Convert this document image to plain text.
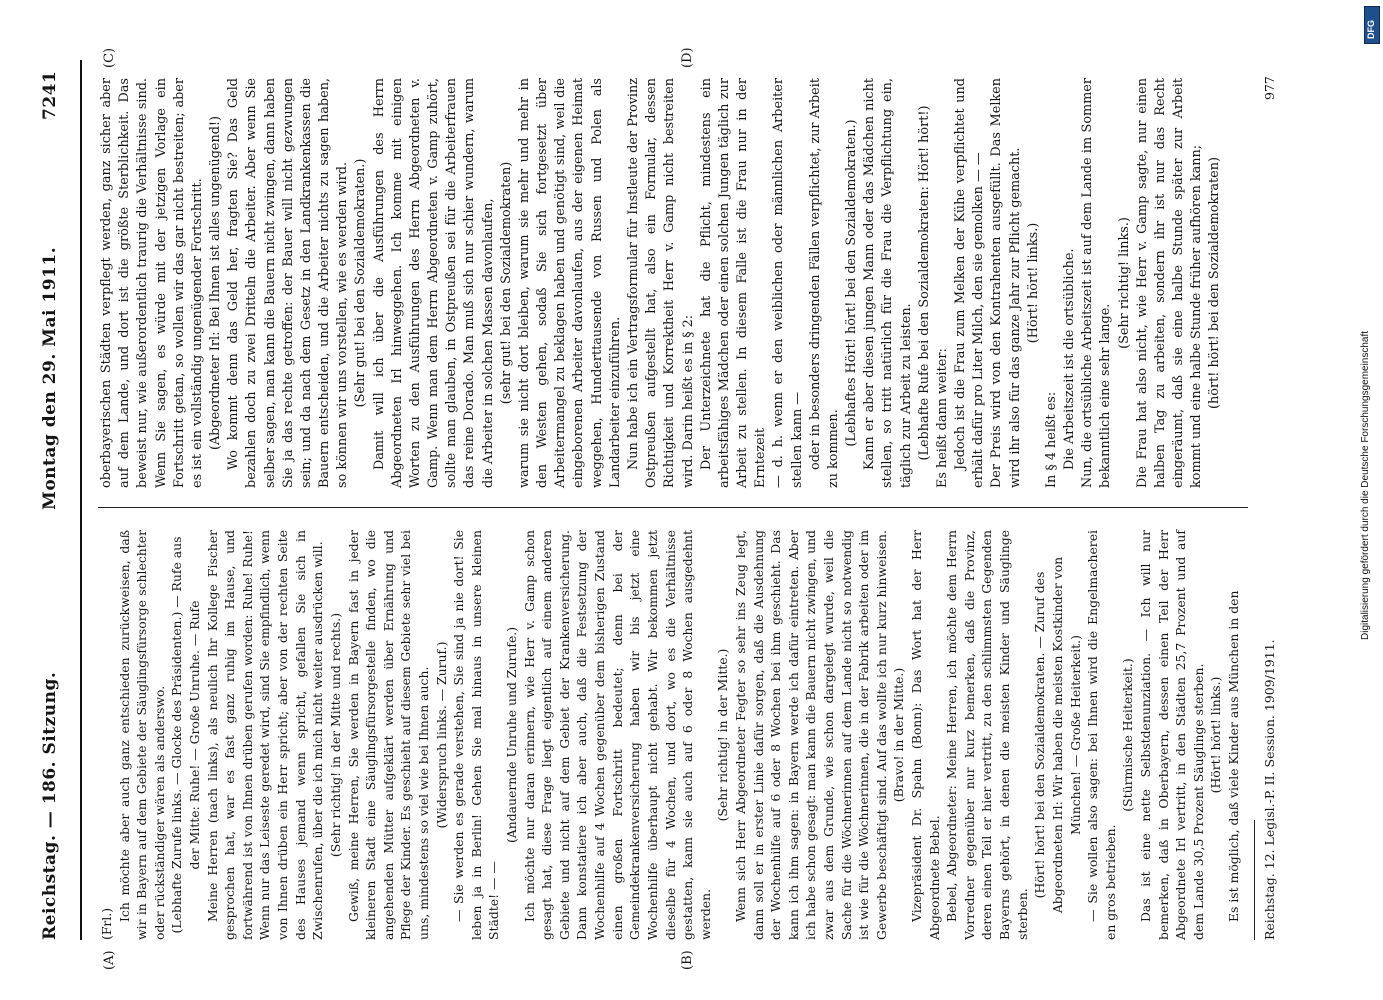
Reichstag. — 186. Sitzung.
Montag den 29. Mai 1911.
7241
(A)	(B)
(C)	(D)

(Frl.)

Ich möchte aber auch ganz entschieden zurückweisen, daß wir in Bayern auf dem Gebiete der Säuglingsfürsorge schlechter oder rückständiger wären als anderswo. (Lebhafte Zurufe links. — Glocke des Präsidenten.) — Rufe aus der Mitte: Ruhe! — Große Unruhe. — Rufe Meine Herren (nach links), als neulich Ihr Kollege Fischer gesprochen hat, war es fast ganz ruhig im Hause, und fortwährend ist von Ihnen drüben gerufen worden: Ruhe! Ruhe! Wenn nur das Leiseste geredet wird, sind Sie empfindlich, wenn von Ihnen drüben ein Herr spricht; aber von der rechten Seite des Hauses jemand wenn spricht, gefallen Sie sich in Zwischenrufen, über die ich mich nicht weiter ausdrücken will. (Sehr richtig! in der Mitte und rechts.) Gewiß, meine Herren, Sie werden in Bayern fast in jeder kleineren Stadt eine Säuglingsfürsorgestelle finden, wo die angehenden Mütter aufgeklärt werden über Ernährung und Pflege der Kinder. Es geschieht auf diesem Gebiete sehr viel bei uns, mindestens so viel wie bei Ihnen auch. (Widerspruch links. — Zuruf.) — Sie werden es gerade verstehen, Sie sind ja nie dort! Sie leben ja in Berlin! Gehen Sie mal hinaus in unsere kleinen Städte! — —

(Andauernde Unruhe und Zurufe.) Ich möchte nur daran erinnern, wie Herr v. Gamp schon gesagt hat, diese Frage liegt eigentlich auf einem anderen Gebiete und nicht auf dem Gebiet der Krankenversicherung. Dann konstatiere ich aber auch, daß die Festsetzung der Wochenhilfe auf 4 Wochen gegenüber dem bisherigen Zustand einen großen Fortschritt bedeutet; denn bei der Gemeindekrankenversicherung haben wir bis jetzt eine Wochenhilfe überhaupt nicht gehabt. Wir bekommen jetzt dieselbe für 4 Wochen, und dort, wo es die Verhältnisse gestatten, kann sie auch auf 6 oder 8 Wochen ausgedehnt werden.

(Sehr richtig! in der Mitte.) Wenn sich Herr Abgeordneter Fegter so sehr ins Zeug legt, dann soll er in erster Linie dafür sorgen, daß die Ausdehnung der Wochenhilfe auf 6 oder 8 Wochen bei ihm geschieht. Das kann ich ihm sagen: in Bayern werde ich dafür eintreten. Aber ich habe schon gesagt: man kann die Bauern nicht zwingen, und zwar aus dem Grunde, wie schon dargelegt wurde, weil die Sache für die Wöchnerinnen auf dem Lande nicht so notwendig ist wie für die Wöchnerinnen, die in der Fabrik arbeiten oder im Gewerbe beschäftigt sind. Auf das wollte ich nur kurz hinweisen. (Bravo! in der Mitte.) Vizepräsident Dr. Spahn (Bonn): Das Wort hat der Herr Abgeordnete Bebel. Bebel, Abgeordneter: Meine Herren, ich möchte dem Herrn Vorredner gegenüber nur kurz bemerken, daß die Provinz, deren einen Teil er hier vertritt, zu den schlimmsten Gegenden Bayerns gehört, in denen die meisten Kinder und Säuglinge sterben.

(Hört! hört! bei den Sozialdemokraten. — Zuruf des Abgeordneten Irl: Wir haben die meisten Kostkinder von München! — Große Heiterkeit.) — Sie wollen also sagen: bei Ihnen wird die Engelmacherei en gros betrieben.

(Stürmische Heiterkeit.) Das ist eine nette Selbstdenunziation. — Ich will nur bemerken, daß in Oberbayern, dessen einen Teil der Herr Abgeordnete Irl vertritt, in den Städten 25,7 Prozent und auf dem Lande 30,5 Prozent Säuglinge sterben. (Hört! hört! links.) Es ist möglich, daß viele Kinder aus München in den

oberbayerischen Städten verpflegt werden, ganz sicher aber auf dem Lande, und dort ist die größte Sterblichkeit. Das beweist nur, wie außerordentlich traurig die Verhältnisse sind. Wenn Sie sagen, es würde mit der jetzigen Vorlage ein Fortschritt getan, so wollen wir das gar nicht bestreiten; aber es ist ein vollständig ungenügender Fortschritt. (Abgeordneter Irl: Bei Ihnen ist alles ungenügend!) Wo kommt denn das Geld her, fragten Sie? Das Geld bezahlen doch zu zwei Dritteln die Arbeiter. Aber wenn Sie selber sagen, man kann die Bauern nicht zwingen, dann haben Sie ja das rechte getroffen: der Bauer will nicht gezwungen sein; und da nach dem Gesetz in den Landkrankenkassen die Bauern entscheiden, und die Arbeiter nichts zu sagen haben, so können wir uns vorstellen, wie es werden wird. (Sehr gut! bei den Sozialdemokraten.) Damit will ich über die Ausführungen des Herrn Abgeordneten Irl hinweggehen. Ich komme mit einigen Worten zu den Ausführungen des Herrn Abgeordneten v. Gamp. Wenn man dem Herrn Abgeordneten v. Gamp zuhört, sollte man glauben, in Ostpreußen sei für die Arbeiterfrauen das reine Dorado. Man muß sich nur schier wundern, warum die Arbeiter in solchen Massen davonlaufen, (sehr gut! bei den Sozialdemokraten) warum sie nicht dort bleiben, warum sie mehr und mehr in den Westen gehen, sodaß Sie sich fortgesetzt über Arbeitermangel zu beklagen haben und genötigt sind, weil die eingeborenen Arbeiter davonlaufen, aus der eigenen Heimat weggehen, Hunderttausende von Russen und Polen als Landarbeiter einzuführen. Nun habe ich ein Vertragsformular für Instleute der Provinz Ostpreußen aufgestellt hat, also ein Formular, dessen Richtigkeit und Korrektheit Herr v. Gamp nicht bestreiten wird. Darin heißt es in § 2: Der Unterzeichnete hat die Pflicht, mindestens ein arbeitsfähiges Mädchen oder einen solchen Jungen täglich zur Arbeit zu stellen. In diesem Falle ist die Frau nur in der Erntezeit — d. h. wenn er den weiblichen oder männlichen Arbeiter stellen kann — oder in besonders dringenden Fällen verpflichtet, zur Arbeit zu kommen.

(Lebhaftes Hört! hört! bei den Sozialdemokraten.) Kann er aber diesen jungen Mann oder das Mädchen nicht stellen, so tritt natürlich für die Frau die Verpflichtung ein, täglich zur Arbeit zu leisten. (Lebhafte Rufe bei den Sozialdemokraten: Hört! hört!) Es heißt dann weiter: Jedoch ist die Frau zum Melken der Kühe verpflichtet und erhält dafür pro Liter Milch, den sie gemolken — — Der Preis wird von den Kontrahenten ausgefüllt. Das Melken wird ihr also für das ganze Jahr zur Pflicht gemacht. (Hört! hört! links.)

In § 4 heißt es: Die Arbeitszeit ist die ortsübliche. Nun, die ortsübliche Arbeitszeit ist auf dem Lande im Sommer bekanntlich eine sehr lange.

(Sehr richtig! links.) Die Frau hat also nicht, wie Herr v. Gamp sagte, nur einen halben Tag zu arbeiten, sondern ihr ist nur das Recht eingeräumt, daß sie eine halbe Stunde später zur Arbeit kommt und eine halbe Stunde früher aufhören kann; (hört! hört! bei den Sozialdemokraten)

Reichstag. 12. Legisl.-P. II. Session. 1909/1911.
977
Digitalisierung gefördert durch die Deutsche Forschungsgemeinschaft
DFG
